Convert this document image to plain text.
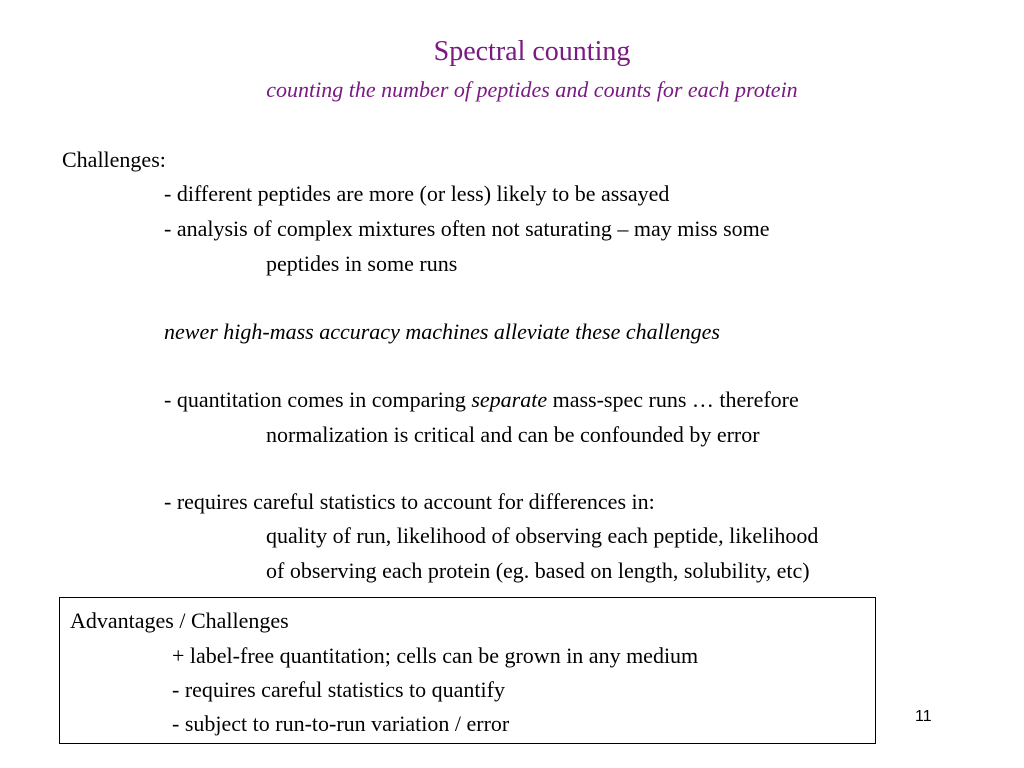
Spectral counting
counting the number of peptides and counts for each protein
Challenges:
- different peptides are more (or less) likely to be assayed
- analysis of complex mixtures often not saturating – may miss some
peptides in some runs
newer high-mass accuracy machines alleviate these challenges
- quantitation comes in comparing separate mass-spec runs … therefore
normalization is critical and can be confounded by error
- requires careful statistics to account for differences in:
quality of run, likelihood of observing each peptide, likelihood
of observing each protein (eg. based on length, solubility, etc)
Advantages / Challenges
+ label-free quantitation; cells can be grown in any medium
- requires careful statistics to quantify
- subject to run-to-run variation / error	11
